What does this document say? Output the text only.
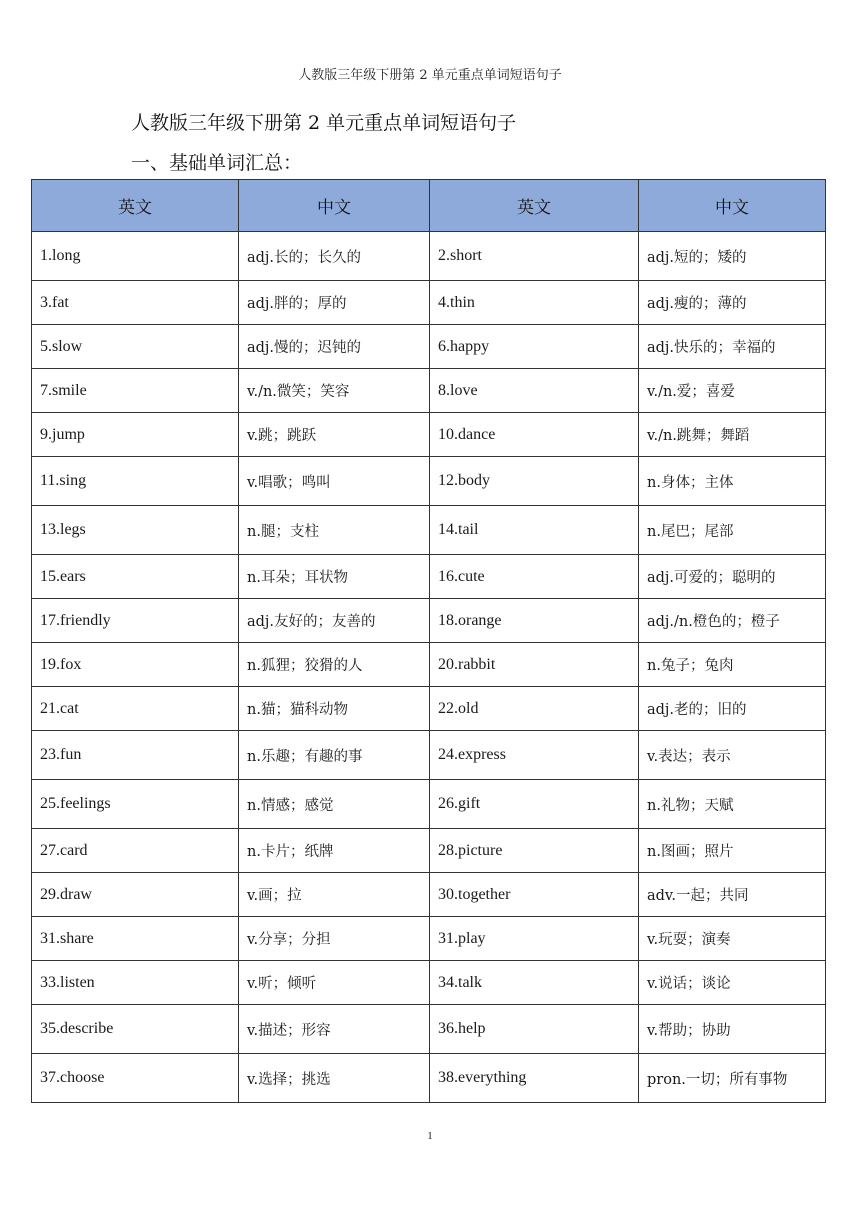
人教版三年级下册第 2 单元重点单词短语句子
人教版三年级下册第 2 单元重点单词短语句子
一、基础单词汇总：
英文	中文	英文	中文
1.long	adj.长的；长久的	2.short	adj.短的；矮的
3.fat	adj.胖的；厚的	4.thin	adj.瘦的；薄的
5.slow	adj.慢的；迟钝的	6.happy	adj.快乐的；幸福的
7.smile	v./n.微笑；笑容	8.love	v./n.爱；喜爱
9.jump	v.跳；跳跃	10.dance	v./n.跳舞；舞蹈
11.sing	v.唱歌；鸣叫	12.body	n.身体；主体
13.legs	n.腿；支柱	14.tail	n.尾巴；尾部
15.ears	n.耳朵；耳状物	16.cute	adj.可爱的；聪明的
17.friendly	adj.友好的；友善的	18.orange	adj./n.橙色的；橙子
19.fox	n.狐狸；狡猾的人	20.rabbit	n.兔子；兔肉
21.cat	n.猫；猫科动物	22.old	adj.老的；旧的
23.fun	n.乐趣；有趣的事	24.express	v.表达；表示
25.feelings	n.情感；感觉	26.gift	n.礼物；天赋
27.card	n.卡片；纸牌	28.picture	n.图画；照片
29.draw	v.画；拉	30.together	adv.一起；共同
31.share	v.分享；分担	31.play	v.玩耍；演奏
33.listen	v.听；倾听	34.talk	v.说话；谈论
35.describe	v.描述；形容	36.help	v.帮助；协助
37.choose	v.选择；挑选	38.everything	pron.一切；所有事物
1
